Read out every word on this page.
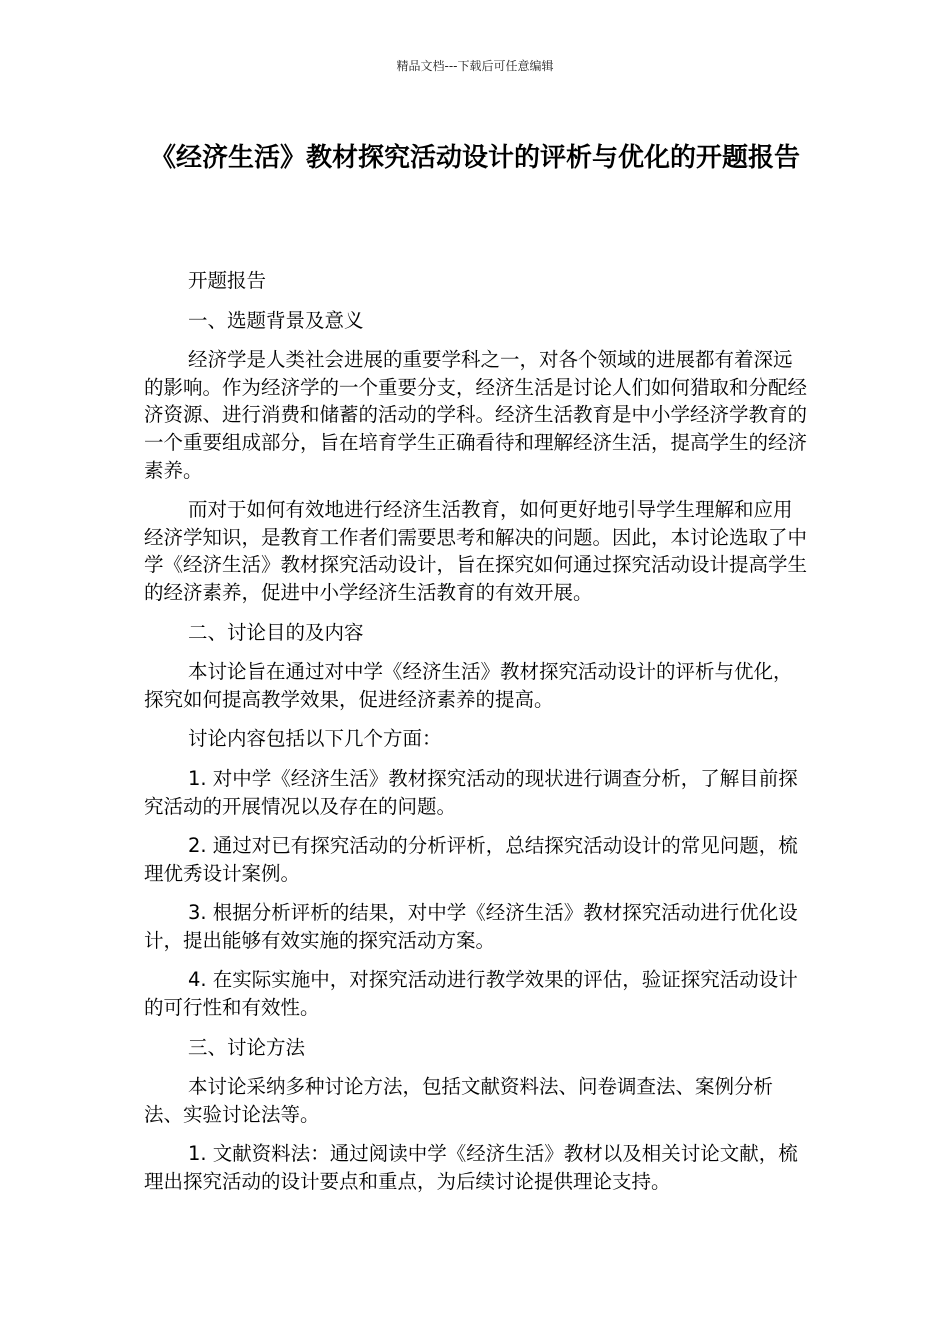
精品文档---下载后可任意编辑
《经济生活》教材探究活动设计的评析与优化的开题报告

开题报告

一、选题背景及意义

经济学是人类社会进展的重要学科之一，对各个领域的进展都有着深远的影响。作为经济学的一个重要分支，经济生活是讨论人们如何猎取和分配经济资源、进行消费和储蓄的活动的学科。经济生活教育是中小学经济学教育的一个重要组成部分，旨在培育学生正确看待和理解经济生活，提高学生的经济素养。

而对于如何有效地进行经济生活教育，如何更好地引导学生理解和应用经济学知识，是教育工作者们需要思考和解决的问题。因此，本讨论选取了中学《经济生活》教材探究活动设计，旨在探究如何通过探究活动设计提高学生的经济素养，促进中小学经济生活教育的有效开展。

二、讨论目的及内容

本讨论旨在通过对中学《经济生活》教材探究活动设计的评析与优化，探究如何提高教学效果，促进经济素养的提高。

讨论内容包括以下几个方面：

1. 对中学《经济生活》教材探究活动的现状进行调查分析，了解目前探究活动的开展情况以及存在的问题。

2. 通过对已有探究活动的分析评析，总结探究活动设计的常见问题，梳理优秀设计案例。

3. 根据分析评析的结果，对中学《经济生活》教材探究活动进行优化设计，提出能够有效实施的探究活动方案。

4. 在实际实施中，对探究活动进行教学效果的评估，验证探究活动设计的可行性和有效性。

三、讨论方法

本讨论采纳多种讨论方法，包括文献资料法、问卷调查法、案例分析法、实验讨论法等。

1. 文献资料法：通过阅读中学《经济生活》教材以及相关讨论文献，梳理出探究活动的设计要点和重点，为后续讨论提供理论支持。
